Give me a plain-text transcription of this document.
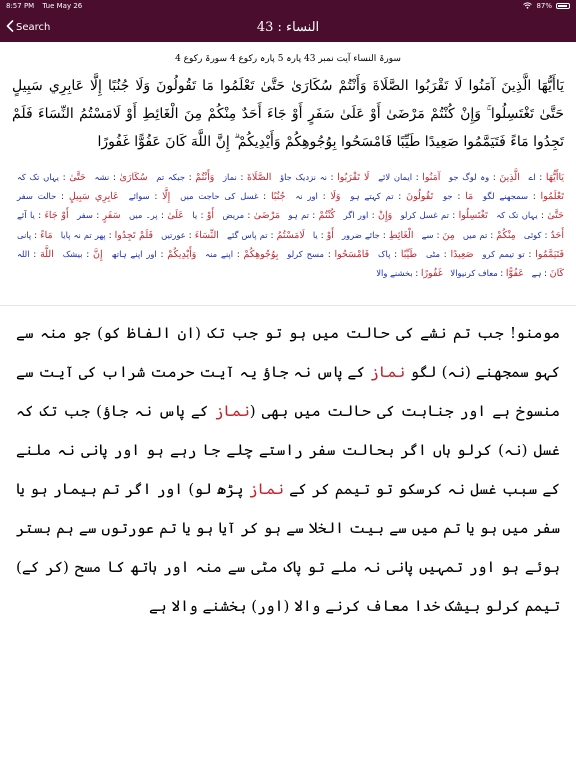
8:57 PM Tue May 26	87%
Search	النساء : 43
سورۃ النساء آیت نمبر 43 پارہ 5 پارہ رکوع 4 سورۃ رکوع 4
يَاأَيُّهَا الَّذِينَ آمَنُوا لَا تَقْرَبُوا الصَّلَاةَ وَأَنْتُمْ سُكَارَىٰ حَتَّىٰ تَعْلَمُوا مَا تَقُولُونَ وَلَا جُنُبًا إِلَّا عَابِرِي سَبِيلٍ حَتَّىٰ تَغْتَسِلُوا ۚ وَإِنْ كُنْتُمْ مَرْضَىٰ أَوْ عَلَىٰ سَفَرٍ أَوْ جَاءَ أَحَدٌ مِنْكُمْ مِنَ الْغَائِطِ أَوْ لَامَسْتُمُ النِّسَاءَ فَلَمْ تَجِدُوا مَاءً فَتَيَمَّمُوا صَعِيدًا طَيِّبًا فَامْسَحُوا بِوُجُوهِكُمْ وَأَيْدِيكُمْ ۗ إِنَّ اللَّهَ كَانَ عَفُوًّا غَفُورًا
يَاأَيُّهَا : اے الَّذِينَ : وہ لوگ جو آمَنُوا : ایمان لائے لَا تَقْرَبُوا : نہ نزدیک جاؤ الصَّلَاةَ : نماز وَأَنْتُمْ : جبکہ تم سُكَارَىٰ : نشہ حَتَّىٰ : یہاں تک کہ تَعْلَمُوا : سمجھنے لگو مَا : جو تَقُولُونَ : تم کہتے ہو وَلَا : اور نہ جُنُبًا : غسل کی حاجت میں إِلَّا : سوائے عَابِرِي سَبِيلٍ : حالت سفر حَتَّىٰ : یہاں تک کہ تَغْتَسِلُوا : تم غسل کرلو وَإِنْ : اور اگر كُنْتُمْ : تم ہو مَرْضَىٰ : مریض أَوْ : یا عَلَىٰ : پر۔ میں سَفَرٍ : سفر أَوْ جَاءَ : یا آئے أَحَدٌ : کوئی مِنْكُمْ : تم میں مِنَ : سے الْغَائِطِ : جائے ضرور أَوْ : یا لَامَسْتُمُ : تم پاس گئے النِّسَاءَ : عورتیں فَلَمْ تَجِدُوا : پھر تم نہ پایا مَاءً : پانی فَتَيَمَّمُوا : تو تیمم کرو صَعِيدًا : مٹی طَيِّبًا : پاک فَامْسَحُوا : مسح کرلو بِوُجُوهِكُمْ : اپنے منہ وَأَيْدِيكُمْ : اور اپنے ہاتھ إِنَّ : بیشک اللَّهَ : اللہ كَانَ : ہے عَفُوًّا : معاف کرنیوالا غَفُورًا : بخشنے والا
مومنو! جب تم نشے کی حالت میں ہو تو جب تک (ان الفاظ کو) جو منہ سے کہو سمجھنے (نہ) لگو نماز کے پاس نہ جاؤ یہ آیت حرمت شراب کی آیت سے منسوخ ہے اور جنابت کی حالت میں بھی (نماز کے پاس نہ جاؤ) جب تک کہ غسل (نہ) کرلو ہاں اگر بحالت سفر راستے چلے جا رہے ہو اور پانی نہ ملنے کے سبب غسل نہ کرسکو تو تیمم کر کے نماز پڑھ لو) اور اگر تم بیمار ہو یا سفر میں ہو یا تم میں سے بیت الخلا سے ہو کر آیا ہو یا تم عورتوں سے ہم بستر ہوئے ہو اور تمہیں پانی نہ ملے تو پاک مٹی سے منہ اور ہاتھ کا مسح (کر کے) تیمم کرلو بیشک خدا معاف کرنے والا (اور) بخشنے والا ہے
